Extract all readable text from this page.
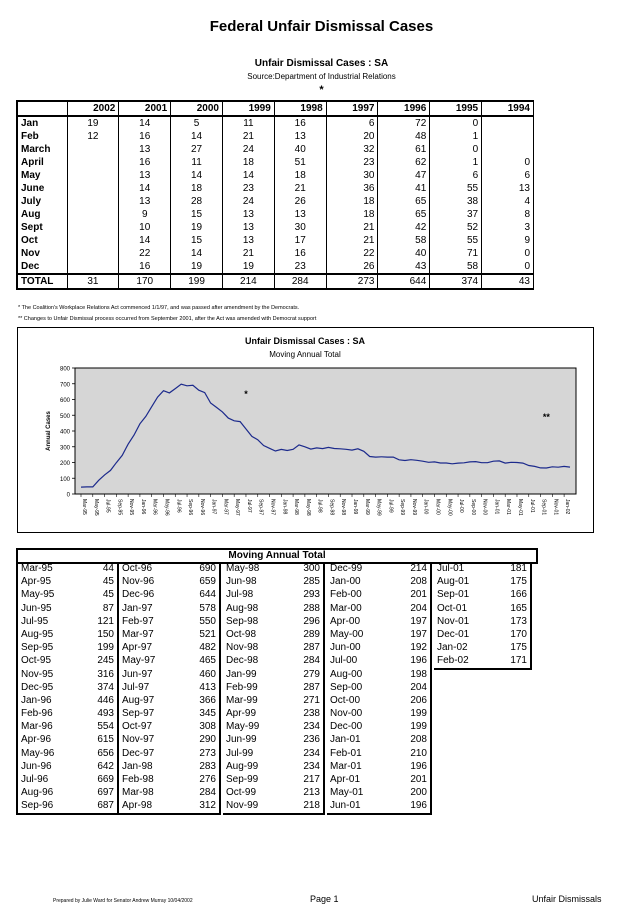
Federal Unfair Dismissal Cases
Unfair Dismissal Cases : SA
Source:Department of Industrial Relations
*
	2002	2001	2000	1999	1998	1997	1996	1995	1994
Jan	19	14	5	11	16	6	72	0	
Feb	12	16	14	21	13	20	48	1	
March		13	27	24	40	32	61	0	
April		16	11	18	51	23	62	1	0
May		13	14	14	18	30	47	6	6
June		14	18	23	21	36	41	55	13
July		13	28	24	26	18	65	38	4
Aug		9	15	13	13	18	65	37	8
Sept		10	19	13	30	21	42	52	3
Oct		14	15	13	17	21	58	55	9
Nov		22	14	21	16	22	40	71	0
Dec		16	19	19	23	26	43	58	0
TOTAL	31	170	199	214	284	273	644	374	43
* The Coalition's Workplace Relations Act commenced 1/1/97, and was passed after amendment by the Democrats.
** Changes to Unfair Dismissal process occurred from September 2001, after the Act was amended with Democrat support
Unfair Dismissal Cases : SA
Moving Annual Total
0
100
200
300
400
500
600
700
800
Annual Cases
Mar-95 May-95 Jul-95 Sep-95 Nov-95 Jan-96 Mar-96 May-96 Jul-96 Sep-96 Nov-96 Jan-97 Mar-97 May-97 Jul-97 Sep-97 Nov-97 Jan-98 Mar-98 May-98 Jul-98 Sep-98 Nov-98 Jan-99 Mar-99 May-99 Jul-99 Sep-99 Nov-99 Jan-00 Mar-00 May-00 Jul-00 Sep-00 Nov-00 Jan-01 Mar-01 May-01 Jul-01 Sep-01 Nov-01 Jan-02
*
**
Moving Annual Total
Mar-95	44
Apr-95	45
May-95	45
Jun-95	87
Jul-95	121
Aug-95	150
Sep-95	199
Oct-95	245
Nov-95	316
Dec-95	374
Jan-96	446
Feb-96	493
Mar-96	554
Apr-96	615
May-96	656
Jun-96	642
Jul-96	669
Aug-96	697
Sep-96	687
Oct-96	690
Nov-96	659
Dec-96	644
Jan-97	578
Feb-97	550
Mar-97	521
Apr-97	482
May-97	465
Jun-97	460
Jul-97	413
Aug-97	366
Sep-97	345
Oct-97	308
Nov-97	290
Dec-97	273
Jan-98	283
Feb-98	276
Mar-98	284
Apr-98	312
May-98	300
Jun-98	285
Jul-98	293
Aug-98	288
Sep-98	296
Oct-98	289
Nov-98	287
Dec-98	284
Jan-99	279
Feb-99	287
Mar-99	271
Apr-99	238
May-99	234
Jun-99	236
Jul-99	234
Aug-99	234
Sep-99	217
Oct-99	213
Nov-99	218
Dec-99	214
Jan-00	208
Feb-00	201
Mar-00	204
Apr-00	197
May-00	197
Jun-00	192
Jul-00	196
Aug-00	198
Sep-00	204
Oct-00	206
Nov-00	199
Dec-00	199
Jan-01	208
Feb-01	210
Mar-01	196
Apr-01	201
May-01	200
Jun-01	196
Jul-01	181
Aug-01	175
Sep-01	166
Oct-01	165
Nov-01	173
Dec-01	170
Jan-02	175
Feb-02	171
Prepared by Julie Ward for Senator Andrew Murray 10/04/2002	Page 1	Unfair Dismissals
